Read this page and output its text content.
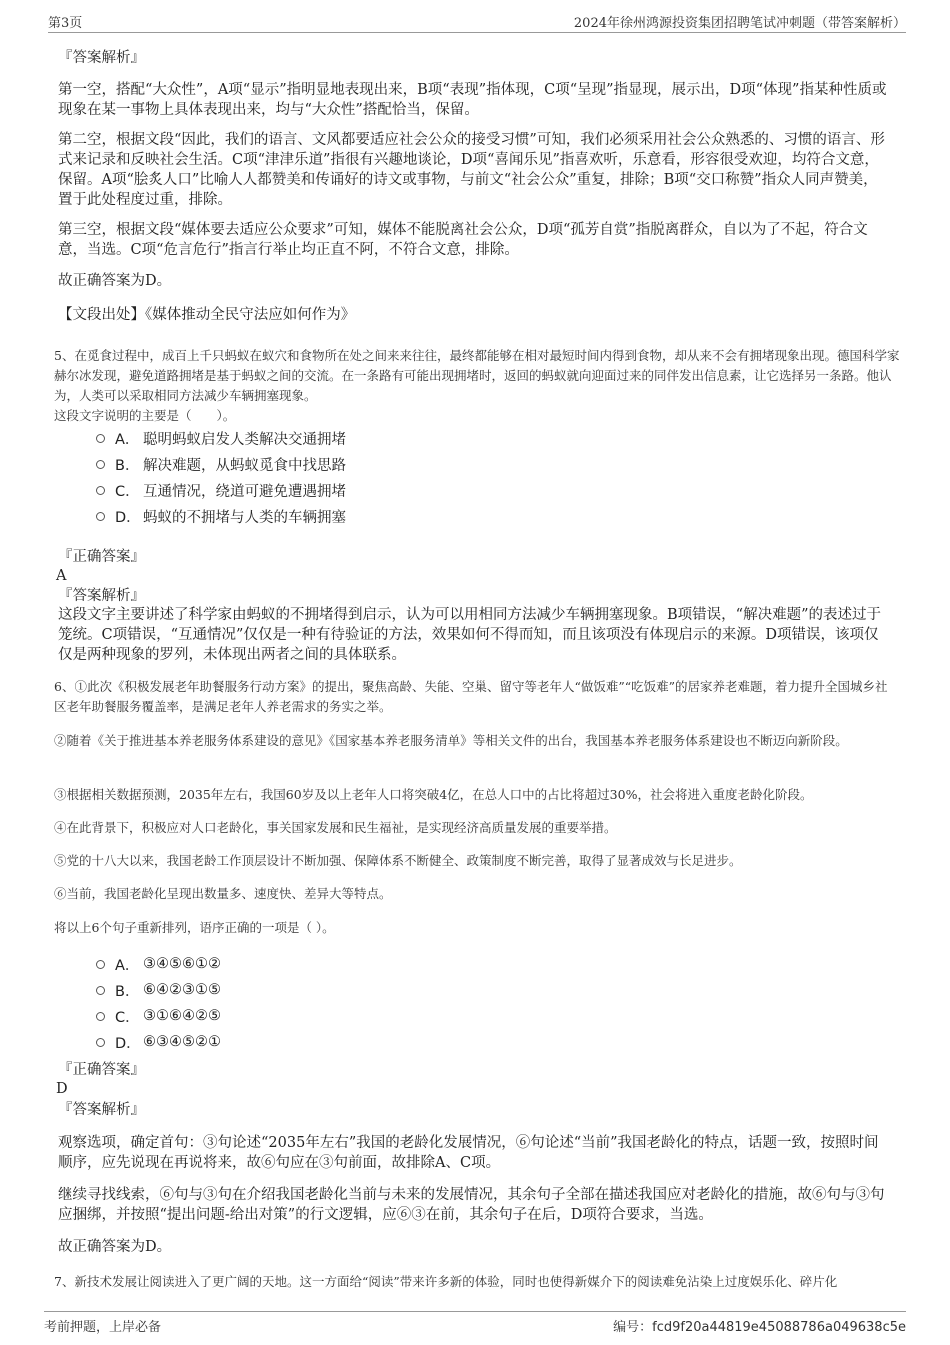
第3页	2024年徐州鸿源投资集团招聘笔试冲刺题（带答案解析）

『答案解析』

第一空，搭配“大众性”，A项“显示”指明显地表现出来，B项“表现”指体现，C项“呈现”指显现，展示出，D项“体现”指某种性质或现象在某一事物上具体表现出来，均与“大众性”搭配恰当，保留。

第二空，根据文段“因此，我们的语言、文风都要适应社会公众的接受习惯”可知，我们必须采用社会公众熟悉的、习惯的语言、形式来记录和反映社会生活。C项“津津乐道”指很有兴趣地谈论，D项“喜闻乐见”指喜欢听，乐意看，形容很受欢迎，均符合文意，保留。A项“脍炙人口”比喻人人都赞美和传诵好的诗文或事物，与前文“社会公众”重复，排除；B项“交口称赞”指众人同声赞美，置于此处程度过重，排除。

第三空，根据文段“媒体要去适应公众要求”可知，媒体不能脱离社会公众，D项“孤芳自赏”指脱离群众，自以为了不起，符合文意，当选。C项“危言危行”指言行举止均正直不阿，不符合文意，排除。

故正确答案为D。

【文段出处】《媒体推动全民守法应如何作为》

5、在觅食过程中，成百上千只蚂蚁在蚁穴和食物所在处之间来来往往，最终都能够在相对最短时间内得到食物，却从来不会有拥堵现象出现。德国科学家赫尔冰发现，避免道路拥堵是基于蚂蚁之间的交流。在一条路有可能出现拥堵时，返回的蚂蚁就向迎面过来的同伴发出信息素，让它选择另一条路。他认为，人类可以采取相同方法减少车辆拥塞现象。

这段文字说明的主要是（　　）。

A． 聪明蚂蚁启发人类解决交通拥堵
B． 解决难题，从蚂蚁觅食中找思路
C． 互通情况，绕道可避免遭遇拥堵
D． 蚂蚁的不拥堵与人类的车辆拥塞

『正确答案』

A

『答案解析』

这段文字主要讲述了科学家由蚂蚁的不拥堵得到启示，认为可以用相同方法减少车辆拥塞现象。B项错误，“解决难题”的表述过于笼统。C项错误，“互通情况”仅仅是一种有待验证的方法，效果如何不得而知，而且该项没有体现启示的来源。D项错误，该项仅仅是两种现象的罗列，未体现出两者之间的具体联系。

6、①此次《积极发展老年助餐服务行动方案》的提出，聚焦高龄、失能、空巢、留守等老年人“做饭难”“吃饭难”的居家养老难题，着力提升全国城乡社区老年助餐服务覆盖率，是满足老年人养老需求的务实之举。

②随着《关于推进基本养老服务体系建设的意见》《国家基本养老服务清单》等相关文件的出台，我国基本养老服务体系建设也不断迈向新阶段。

③根据相关数据预测，2035年左右，我国60岁及以上老年人口将突破4亿，在总人口中的占比将超过30%，社会将进入重度老龄化阶段。

④在此背景下，积极应对人口老龄化，事关国家发展和民生福祉，是实现经济高质量发展的重要举措。

⑤党的十八大以来，我国老龄工作顶层设计不断加强、保障体系不断健全、政策制度不断完善，取得了显著成效与长足进步。

⑥当前，我国老龄化呈现出数量多、速度快、差异大等特点。

将以上6个句子重新排列，语序正确的一项是（ ）。

A． ③④⑤⑥①②
B． ⑥④②③①⑤
C． ③①⑥④②⑤
D． ⑥③④⑤②①

『正确答案』

D

『答案解析』

观察选项，确定首句：③句论述“2035年左右”我国的老龄化发展情况，⑥句论述“当前”我国老龄化的特点，话题一致，按照时间顺序，应先说现在再说将来，故⑥句应在③句前面，故排除A、C项。

继续寻找线索，⑥句与③句在介绍我国老龄化当前与未来的发展情况，其余句子全部在描述我国应对老龄化的措施，故⑥句与③句应捆绑，并按照“提出问题-给出对策”的行文逻辑，应⑥③在前，其余句子在后，D项符合要求，当选。

故正确答案为D。

7、新技术发展让阅读进入了更广阔的天地。这一方面给“阅读”带来许多新的体验，同时也使得新媒介下的阅读难免沾染上过度娱乐化、碎片化

考前押题，上岸必备	编号：fcd9f20a44819e45088786a049638c5e
